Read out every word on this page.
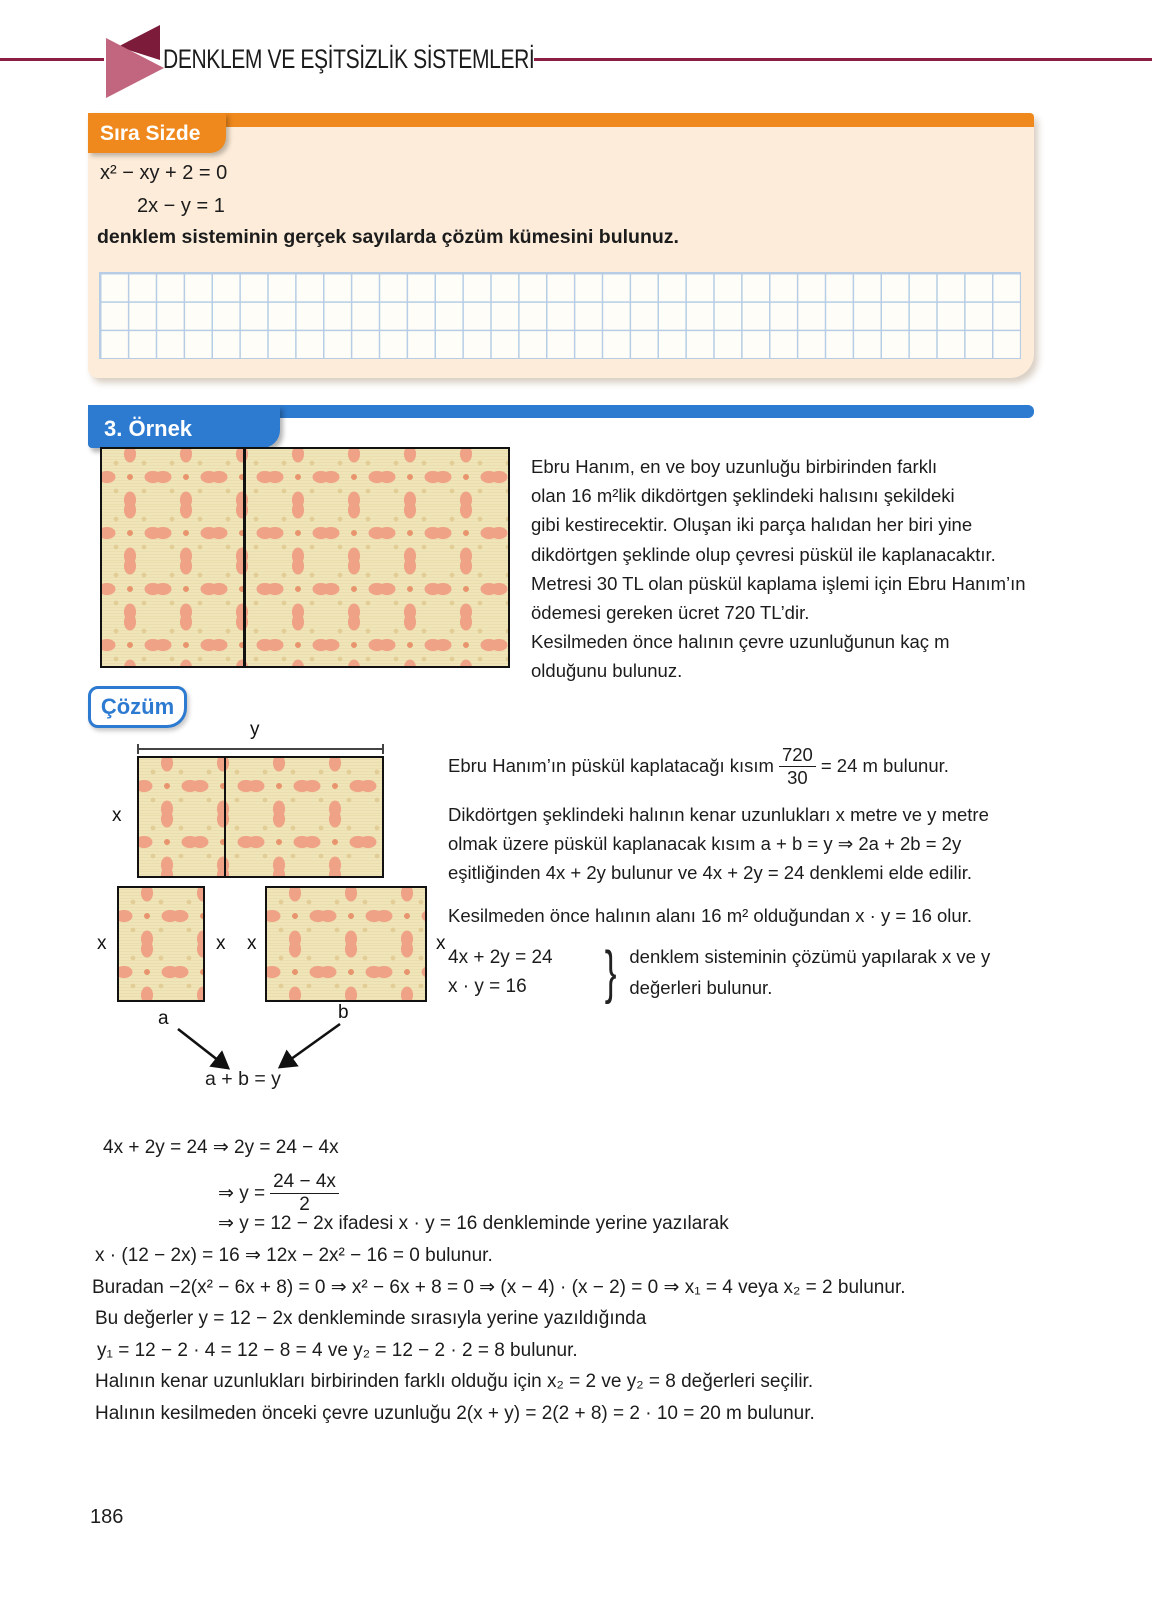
DENKLEM VE EŞİTSİZLİK SİSTEMLERİ
Sıra Sizde
x² − xy + 2 = 0
2x − y = 1
denklem sisteminin gerçek sayılarda çözüm kümesini bulunuz.
3. Örnek
Ebru Hanım, en ve boy uzunluğu birbirinden farklı
olan 16 m²lik dikdörtgen şeklindeki halısını şekildeki
gibi kestirecektir. Oluşan iki parça halıdan her biri yine
dikdörtgen şeklinde olup çevresi püskül ile kaplanacaktır.
Metresi 30 TL olan püskül kaplama işlemi için Ebru Hanım’ın
ödemesi gereken ücret 720 TL’dir.
Kesilmeden önce halının çevre uzunluğunun kaç m
olduğunu bulunuz.
Çözüm
y
x
x	x x	x
a	b
a + b = y
Ebru Hanım’ın püskül kaplatacağı kısım $\frac{720}{30} = 24$ m bulunur.
Dikdörtgen şeklindeki halının kenar uzunlukları x metre ve y metre
olmak üzere püskül kaplanacak kısım a + b = y ⇒ 2a + 2b = 2y
eşitliğinden 4x + 2y bulunur ve 4x + 2y = 24 denklemi elde edilir.
Kesilmeden önce halının alanı 16 m² olduğundan x · y = 16 olur.
4x + 2y = 24
x · y = 16	} denklem sisteminin çözümü yapılarak x ve y
değerleri bulunur.
4x + 2y = 24 ⇒ 2y = 24 − 4x
⇒ $y = \frac{24 - 4x}{2}$
⇒ y = 12 − 2x ifadesi x · y = 16 denkleminde yerine yazılarak
x · (12 − 2x) = 16 ⇒ 12x − 2x² − 16 = 0 bulunur.
Buradan −2(x² − 6x + 8) = 0 ⇒ x² − 6x + 8 = 0 ⇒ (x − 4) · (x − 2) = 0 ⇒ x₁ = 4 veya x₂ = 2 bulunur.
Bu değerler y = 12 − 2x denkleminde sırasıyla yerine yazıldığında
y₁ = 12 − 2 · 4 = 12 − 8 = 4 ve y₂ = 12 − 2 · 2 = 8 bulunur.
Halının kenar uzunlukları birbirinden farklı olduğu için x₂ = 2 ve y₂ = 8 değerleri seçilir.
Halının kesilmeden önceki çevre uzunluğu 2(x + y) = 2(2 + 8) = 2 · 10 = 20 m bulunur.
186
